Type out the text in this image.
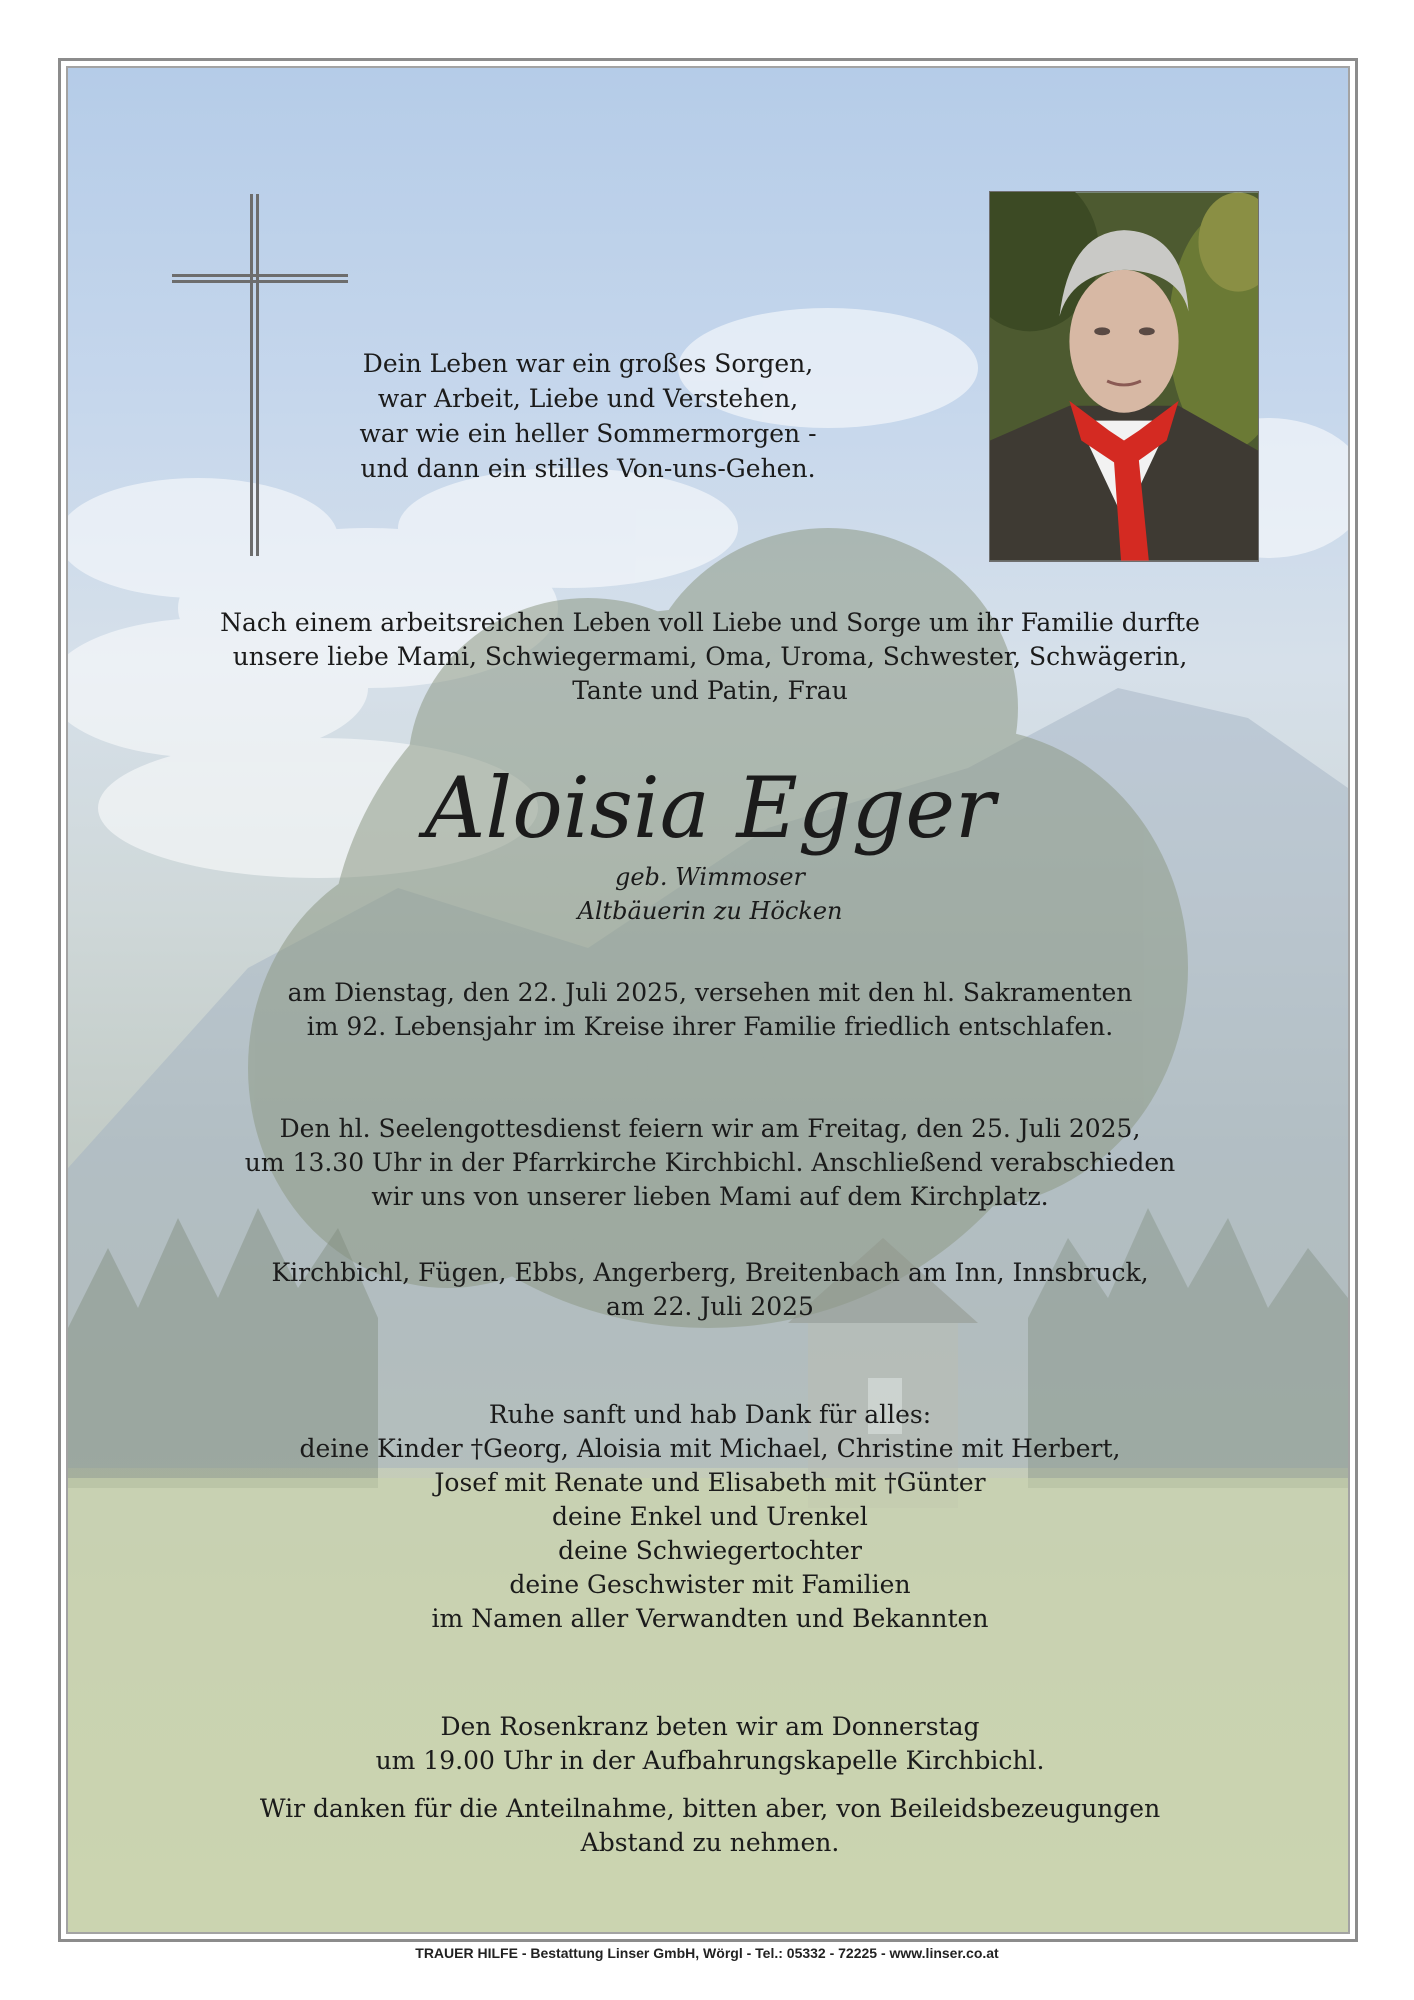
Dein Leben war ein großes Sorgen,
war Arbeit, Liebe und Verstehen,
war wie ein heller Sommermorgen -
und dann ein stilles Von-uns-Gehen.
Nach einem arbeitsreichen Leben voll Liebe und Sorge um ihr Familie durfte
unsere liebe Mami, Schwiegermami, Oma, Uroma, Schwester, Schwägerin,
Tante und Patin, Frau
Aloisia Egger
geb. Wimmoser
Altbäuerin zu Höcken
am Dienstag, den 22. Juli 2025, versehen mit den hl. Sakramenten
im 92. Lebensjahr im Kreise ihrer Familie friedlich entschlafen.
Den hl. Seelengottesdienst feiern wir am Freitag, den 25. Juli 2025,
um 13.30 Uhr in der Pfarrkirche Kirchbichl. Anschließend verabschieden
wir uns von unserer lieben Mami auf dem Kirchplatz.
Kirchbichl, Fügen, Ebbs, Angerberg, Breitenbach am Inn, Innsbruck,
am 22. Juli 2025
Ruhe sanft und hab Dank für alles:
deine Kinder †Georg, Aloisia mit Michael, Christine mit Herbert,
Josef mit Renate und Elisabeth mit †Günter
deine Enkel und Urenkel
deine Schwiegertochter
deine Geschwister mit Familien
im Namen aller Verwandten und Bekannten
Den Rosenkranz beten wir am Donnerstag
um 19.00 Uhr in der Aufbahrungskapelle Kirchbichl.
Wir danken für die Anteilnahme, bitten aber, von Beileidsbezeugungen
Abstand zu nehmen.
TRAUER HILFE - Bestattung Linser GmbH, Wörgl - Tel.: 05332 - 72225 - www.linser.co.at
